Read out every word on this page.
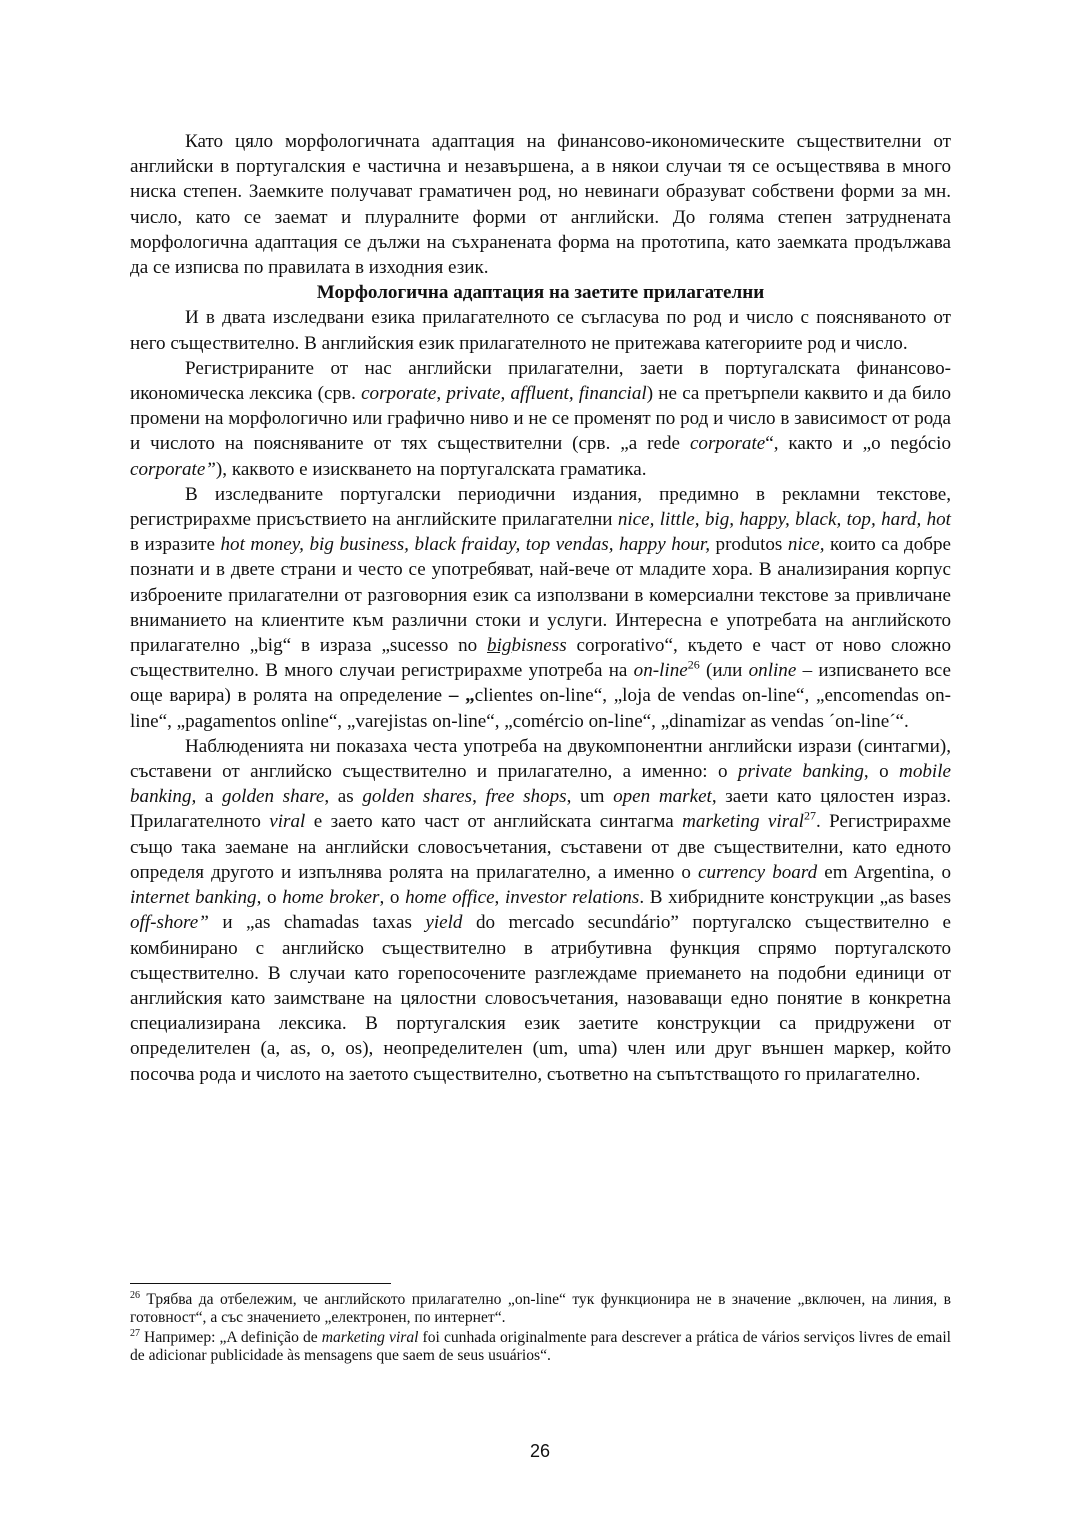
Като цяло морфологичната адаптация на финансово-икономическите съществителни от английски в португалския е частична и незавършена, а в някои случаи тя се осъществява в много ниска степен. Заемките получават граматичен род, но невинаги образуват собствени форми за мн. число, като се заемат и плуралните форми от английски. До голяма степен затруднената морфологична адаптация се дължи на съхранената форма на прототипа, като заемката продължава да се изписва по правилата в изходния език.

Морфологична адаптация на заетите прилагателни

И в двата изследвани езика прилагателното се съгласува по род и число с поясняваното от него съществително. В английския език прилагателното не притежава категориите род и число.

Регистрираните от нас английски прилагателни, заети в португалската финансово-икономическа лексика (срв. corporate, private, affluent, financial) не са претърпели каквито и да било промени на морфологично или графично ниво и не се променят по род и число в зависимост от рода и числото на поясняваните от тях съществителни (срв. „a rede corporate“, както и „o negócio corporate”), каквото е изискването на португалската граматика.

В изследваните португалски периодични издания, предимно в рекламни текстове, регистрирахме присъствието на английските прилагателни nice, little, big, happy, black, top, hard, hot в изразите hot money, big business, black fraiday, top vendas, happy hour, produtos nice, които са добре познати и в двете страни и често се употребяват, най-вече от младите хора. В анализирания корпус изброените прилагателни от разговорния език са използвани в комерсиални текстове за привличане вниманието на клиентите към различни стоки и услуги. Интересна е употребата на английското прилагателно „big“ в израза „sucesso no bigbisness corporativo“, където е част от ново сложно съществително. В много случаи регистрирахме употреба на on-line$^{26}$ (или online – изписването все още варира) в ролята на определение – „clientes on-line“, „loja de vendas on-line“, „encomendas on-line“, „pagamentos online“, „varejistas on-line“, „comércio on-line“, „dinamizar as vendas ´on-line´“.

Наблюденията ни показаха честа употреба на двукомпонентни английски изрази (синтагми), съставени от английско съществително и прилагателно, а именно: o private banking, o mobile banking, a golden share, as golden shares, free shops, um open market, заети като цялостен израз. Прилагателното viral е заето като част от английската синтагма marketing viral$^{27}$. Регистрирахме също така заемане на английски словосъчетания, съставени от две съществителни, като едното определя другото и изпълнява ролята на прилагателно, а именно o currency board em Argentina, o internet banking, o home broker, o home office, investor relations. В хибридните конструкции „as bases off-shore” и „as chamadas taxas yield do mercado secundário” португалско съществително е комбинирано с английско съществително в атрибутивна функция спрямо португалското съществително. В случаи като горепосочените разглеждаме приемането на подобни единици от английския като заимстване на цялостни словосъчетания, назоваващи едно понятие в конкретна специализирана лексика. В португалския език заетите конструкции са придружени от определителен (a, as, o, os), неопределителен (um, uma) член или друг външен маркер, който посочва рода и числото на заетото съществително, съответно на съпътстващото го прилагателно.

$^{26}$ Трябва да отбележим, че английското прилагателно „on-line“ тук функционира не в значение „включен, на линия, в готовност“, а със значението „електронен, по интернет“.

$^{27}$ Например: „A definição de marketing viral foi cunhada originalmente para descrever a prática de vários serviços livres de email de adicionar publicidade às mensagens que saem de seus usuários“.

26
